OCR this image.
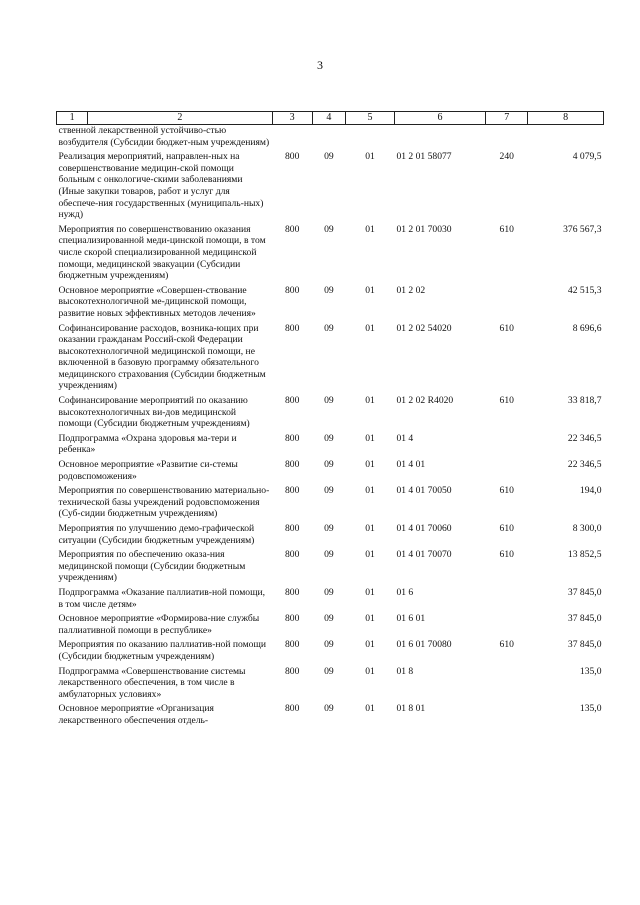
3
1	2	3	4	5	6	7	8
ственной лекарственной устойчиво-стью возбудителя (Субсидии бюджет-ным учреждениям)							
Реализация мероприятий, направлен-ных на совершенствование медицин-ской помощи больным с онкологиче-скими заболеваниями (Иные закупки товаров, работ и услуг для обеспече-ния государственных (муниципаль-ных) нужд)		800	09	01	01 2 01 58077	240	4 079,5
Мероприятия по совершенствованию оказания специализированной меди-цинской помощи, в том числе скорой специализированной медицинской помощи, медицинской эвакуации (Субсидии бюджетным учреждениям)		800	09	01	01 2 01 70030	610	376 567,3
Основное мероприятие «Совершен-ствование высокотехнологичной ме-дицинской помощи, развитие новых эффективных методов лечения»		800	09	01	01 2 02		42 515,3
Софинансирование расходов, возника-ющих при оказании гражданам Россий-ской Федерации высокотехнологичной медицинской помощи, не включенной в базовую программу обязательного медицинского страхования (Субсидии бюджетным учреждениям)		800	09	01	01 2 02 54020	610	8 696,6
Софинансирование мероприятий по оказанию высокотехнологичных ви-дов медицинской помощи (Субсидии бюджетным учреждениям)		800	09	01	01 2 02 R4020	610	33 818,7
Подпрограмма «Охрана здоровья ма-тери и ребенка»		800	09	01	01 4		22 346,5
Основное мероприятие «Развитие си-стемы родовспоможения»		800	09	01	01 4 01		22 346,5
Мероприятия по совершенствованию материально-технической базы учреждений родовспоможения (Суб-сидии бюджетным учреждениям)		800	09	01	01 4 01 70050	610	194,0
Мероприятия по улучшению демо-графической ситуации (Субсидии бюджетным учреждениям)		800	09	01	01 4 01 70060	610	8 300,0
Мероприятия по обеспечению оказа-ния медицинской помощи (Субсидии бюджетным учреждениям)		800	09	01	01 4 01 70070	610	13 852,5
Подпрограмма «Оказание паллиатив-ной помощи, в том числе детям»		800	09	01	01 6		37 845,0
Основное мероприятие «Формирова-ние службы паллиативной помощи в республике»		800	09	01	01 6 01		37 845,0
Мероприятия по оказанию паллиатив-ной помощи (Субсидии бюджетным учреждениям)		800	09	01	01 6 01 70080	610	37 845,0
Подпрограмма «Совершенствование системы лекарственного обеспечения, в том числе в амбулаторных условиях»		800	09	01	01 8		135,0
Основное мероприятие «Организация лекарственного обеспечения отдель-		800	09	01	01 8 01		135,0
